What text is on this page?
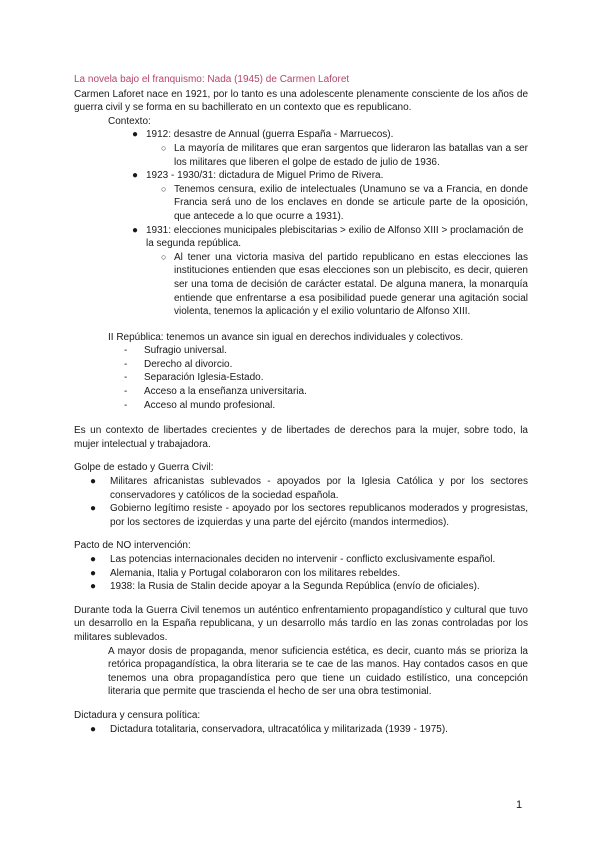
La novela bajo el franquismo: Nada (1945) de Carmen Laforet

Carmen Laforet nace en 1921, por lo tanto es una adolescente plenamente consciente de los años de guerra civil y se forma en su bachillerato en un contexto que es republicano.

Contexto:

● 1912: desastre de Annual (guerra España - Marruecos).
○ La mayoría de militares que eran sargentos que lideraron las batallas van a ser los militares que liberen el golpe de estado de julio de 1936.
● 1923 - 1930/31: dictadura de Miguel Primo de Rivera.
○ Tenemos censura, exilio de intelectuales (Unamuno se va a Francia, en donde Francia será uno de los enclaves en donde se articule parte de la oposición, que antecede a lo que ocurre a 1931).
● 1931: elecciones municipales plebiscitarias > exilio de Alfonso XIII > proclamación de la segunda república.
○ Al tener una victoria masiva del partido republicano en estas elecciones las instituciones entienden que esas elecciones son un plebiscito, es decir, quieren ser una toma de decisión de carácter estatal. De alguna manera, la monarquía entiende que enfrentarse a esa posibilidad puede generar una agitación social violenta, tenemos la aplicación y el exilio voluntario de Alfonso XIII.

II República: tenemos un avance sin igual en derechos individuales y colectivos.

- Sufragio universal.
- Derecho al divorcio.
- Separación Iglesia-Estado.
- Acceso a la enseñanza universitaria.
- Acceso al mundo profesional.

Es un contexto de libertades crecientes y de libertades de derechos para la mujer, sobre todo, la mujer intelectual y trabajadora.

Golpe de estado y Guerra Civil:

● Militares africanistas sublevados - apoyados por la Iglesia Católica y por los sectores conservadores y católicos de la sociedad española.
● Gobierno legítimo resiste - apoyado por los sectores republicanos moderados y progresistas, por los sectores de izquierdas y una parte del ejército (mandos intermedios).

Pacto de NO intervención:

● Las potencias internacionales deciden no intervenir - conflicto exclusivamente español.
● Alemania, Italia y Portugal colaboraron con los militares rebeldes.
● 1938: la Rusia de Stalin decide apoyar a la Segunda República (envío de oficiales).

Durante toda la Guerra Civil tenemos un auténtico enfrentamiento propagandístico y cultural que tuvo un desarrollo en la España republicana, y un desarrollo más tardío en las zonas controladas por los militares sublevados.

A mayor dosis de propaganda, menor suficiencia estética, es decir, cuanto más se prioriza la retórica propagandística, la obra literaria se te cae de las manos. Hay contados casos en que tenemos una obra propagandística pero que tiene un cuidado estilístico, una concepción literaria que permite que trascienda el hecho de ser una obra testimonial.

Dictadura y censura política:

● Dictadura totalitaria, conservadora, ultracatólica y militarizada (1939 - 1975).
1
